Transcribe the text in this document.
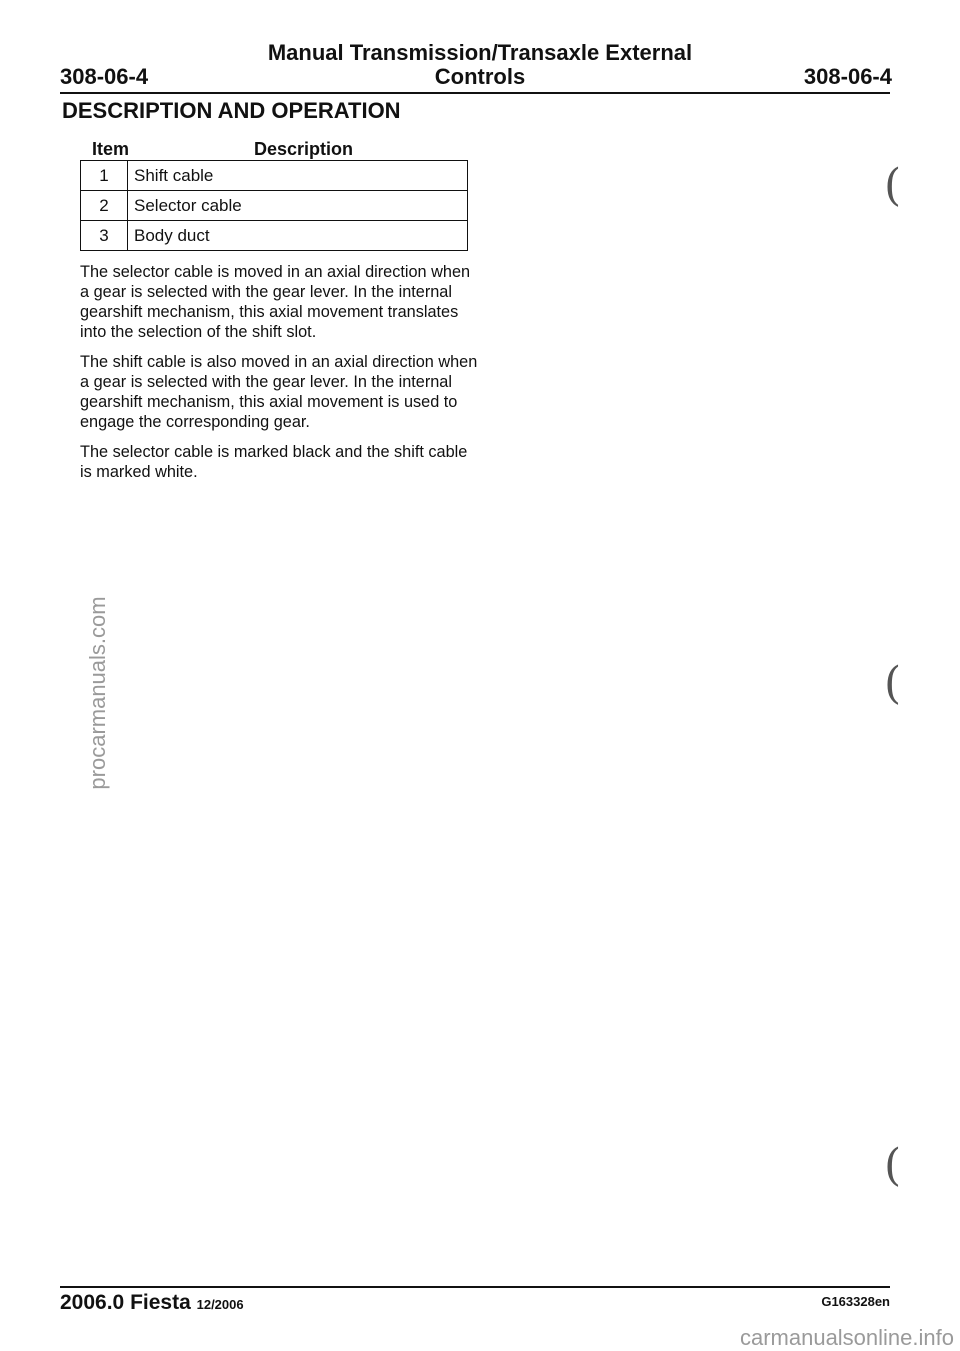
Manual Transmission/Transaxle External
Controls
308-06-4	308-06-4
DESCRIPTION AND OPERATION
Item	Description
1	Shift cable
2	Selector cable
3	Body duct

The selector cable is moved in an axial direction when a gear is selected with the gear lever. In the internal gearshift mechanism, this axial movement translates into the selection of the shift slot.

The shift cable is also moved in an axial direction when a gear is selected with the gear lever. In the internal gearshift mechanism, this axial movement is used to engage the corresponding gear.

The selector cable is marked black and the shift cable is marked white.

(
(
(
procarmanuals.com
2006.0 Fiesta 12/2006	G163328en
carmanualsonline.info
